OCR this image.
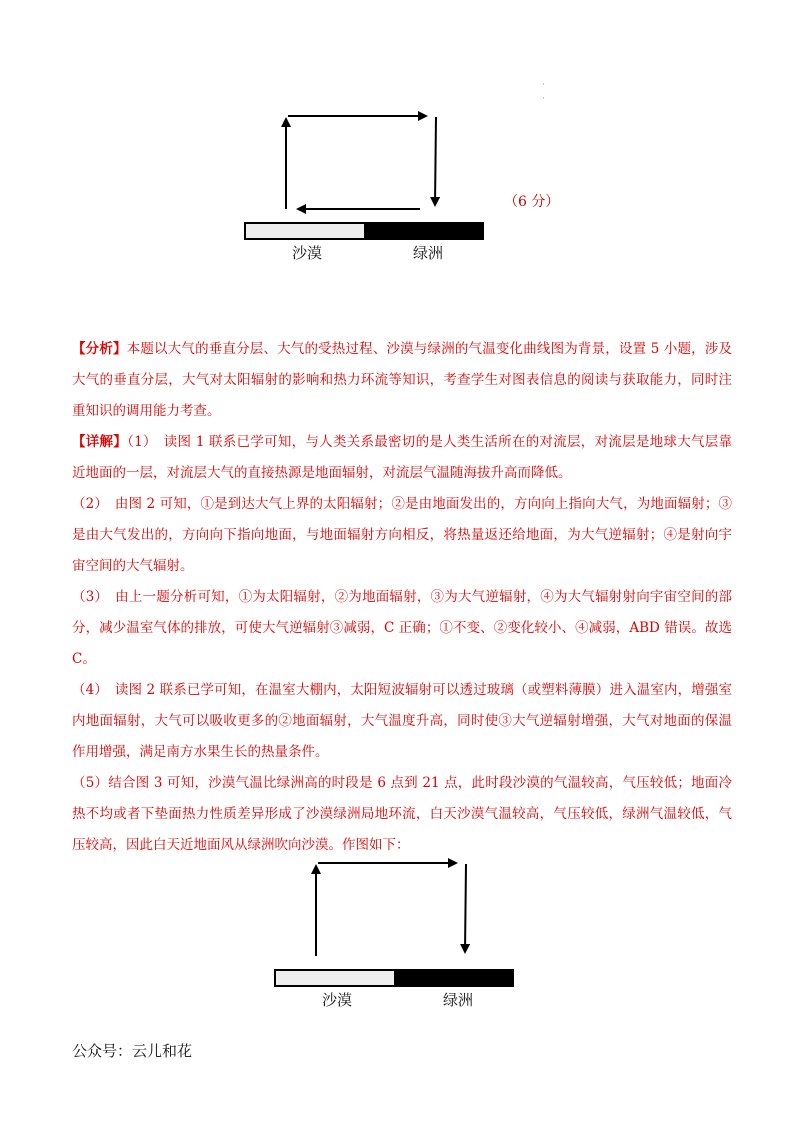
·
·
沙漠	绿洲
（6 分）

【分析】本题以大气的垂直分层、大气的受热过程、沙漠与绿洲的气温变化曲线图为背景，设置 5 小题，涉及大气的垂直分层，大气对太阳辐射的影响和热力环流等知识，考查学生对图表信息的阅读与获取能力，同时注重知识的调用能力考查。

【详解】（1）　读图 1 联系已学可知，与人类关系最密切的是人类生活所在的对流层，对流层是地球大气层靠近地面的一层，对流层大气的直接热源是地面辐射，对流层气温随海拔升高而降低。

（2）　由图 2 可知，①是到达大气上界的太阳辐射；②是由地面发出的，方向向上指向大气，为地面辐射；③是由大气发出的，方向向下指向地面，与地面辐射方向相反，将热量返还给地面，为大气逆辐射；④是射向宇宙空间的大气辐射。

（3）　由上一题分析可知，①为太阳辐射，②为地面辐射，③为大气逆辐射，④为大气辐射射向宇宙空间的部分，减少温室气体的排放，可使大气逆辐射③减弱，C 正确；①不变、②变化较小、④减弱，ABD 错误。故选 C。

（4）　读图 2 联系已学可知，在温室大棚内，太阳短波辐射可以透过玻璃（或塑料薄膜）进入温室内，增强室内地面辐射，大气可以吸收更多的②地面辐射，大气温度升高，同时使③大气逆辐射增强，大气对地面的保温作用增强，满足南方水果生长的热量条件。

（5）结合图 3 可知，沙漠气温比绿洲高的时段是 6 点到 21 点，此时段沙漠的气温较高，气压较低；地面冷热不均或者下垫面热力性质差异形成了沙漠绿洲局地环流，白天沙漠气温较高，气压较低，绿洲气温较低，气压较高，因此白天近地面风从绿洲吹向沙漠。作图如下：

沙漠	绿洲
公众号：云儿和花
